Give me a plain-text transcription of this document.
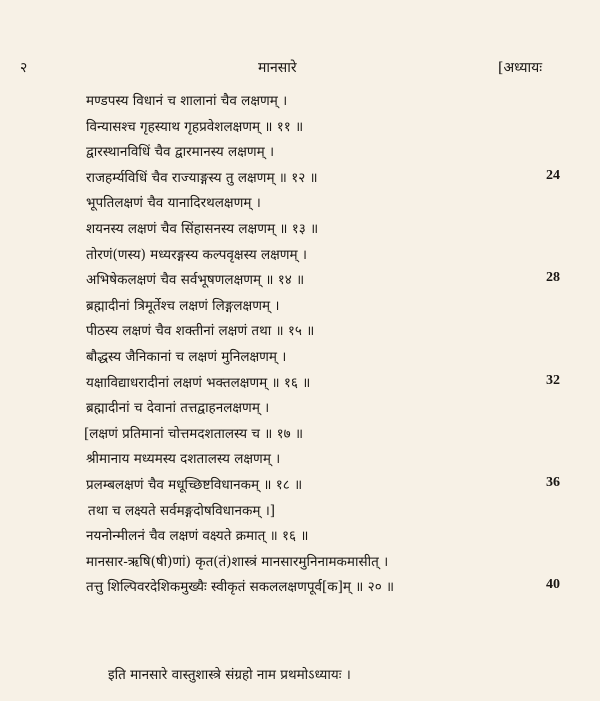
२	मानसारे	[अध्यायः
मण्डपस्य विधानं च शालानां चैव लक्षणम् ।
विन्यासश्च गृहस्याथ गृहप्रवेशलक्षणम् ॥ ११ ॥
द्वारस्थानविधिं चैव द्वारमानस्य लक्षणम् ।
राजहर्म्यविधिं चैव राज्याङ्गस्य तु लक्षणम् ॥ १२ ॥	24
भूपतिलक्षणं चैव यानादिरथलक्षणम् ।
शयनस्य लक्षणं चैव सिंहासनस्य लक्षणम् ॥ १३ ॥
तोरणं(णस्य) मध्यरङ्गस्य कल्पवृक्षस्य लक्षणम् ।
अभिषेकलक्षणं चैव सर्वभूषणलक्षणम् ॥ १४ ॥	28
ब्रह्मादीनां त्रिमूर्तेश्च लक्षणं लिङ्गलक्षणम् ।
पीठस्य लक्षणं चैव शक्तीनां लक्षणं तथा ॥ १५ ॥
बौद्धस्य जैनिकानां च लक्षणं मुनिलक्षणम् ।
यक्षाविद्याधरादीनां लक्षणं भक्तलक्षणम् ॥ १६ ॥	32
ब्रह्मादीनां च देवानां तत्तद्वाहनलक्षणम् ।
[लक्षणं प्रतिमानां चोत्तमदशतालस्य च ॥ १७ ॥
श्रीमानाय मध्यमस्य दशतालस्य लक्षणम् ।
प्रलम्बलक्षणं चैव मधूच्छिष्टविधानकम् ॥ १८ ॥	36
तथा च लक्ष्यते सर्वमङ्गदोषविधानकम् ।]
नयनोन्मीलनं चैव लक्षणं वक्ष्यते क्रमात् ॥ १६ ॥
मानसार-ऋषि(षी)णां) कृत(तं)शास्त्रं मानसारमुनिनामकमासीत् ।
तत्तु शिल्पिवरदेशिकमुख्यैः स्वीकृतं सकललक्षणपूर्व[क]म् ॥ २० ॥	40
इति मानसारे वास्तुशास्त्रे संग्रहो नाम प्रथमोऽध्यायः ।
